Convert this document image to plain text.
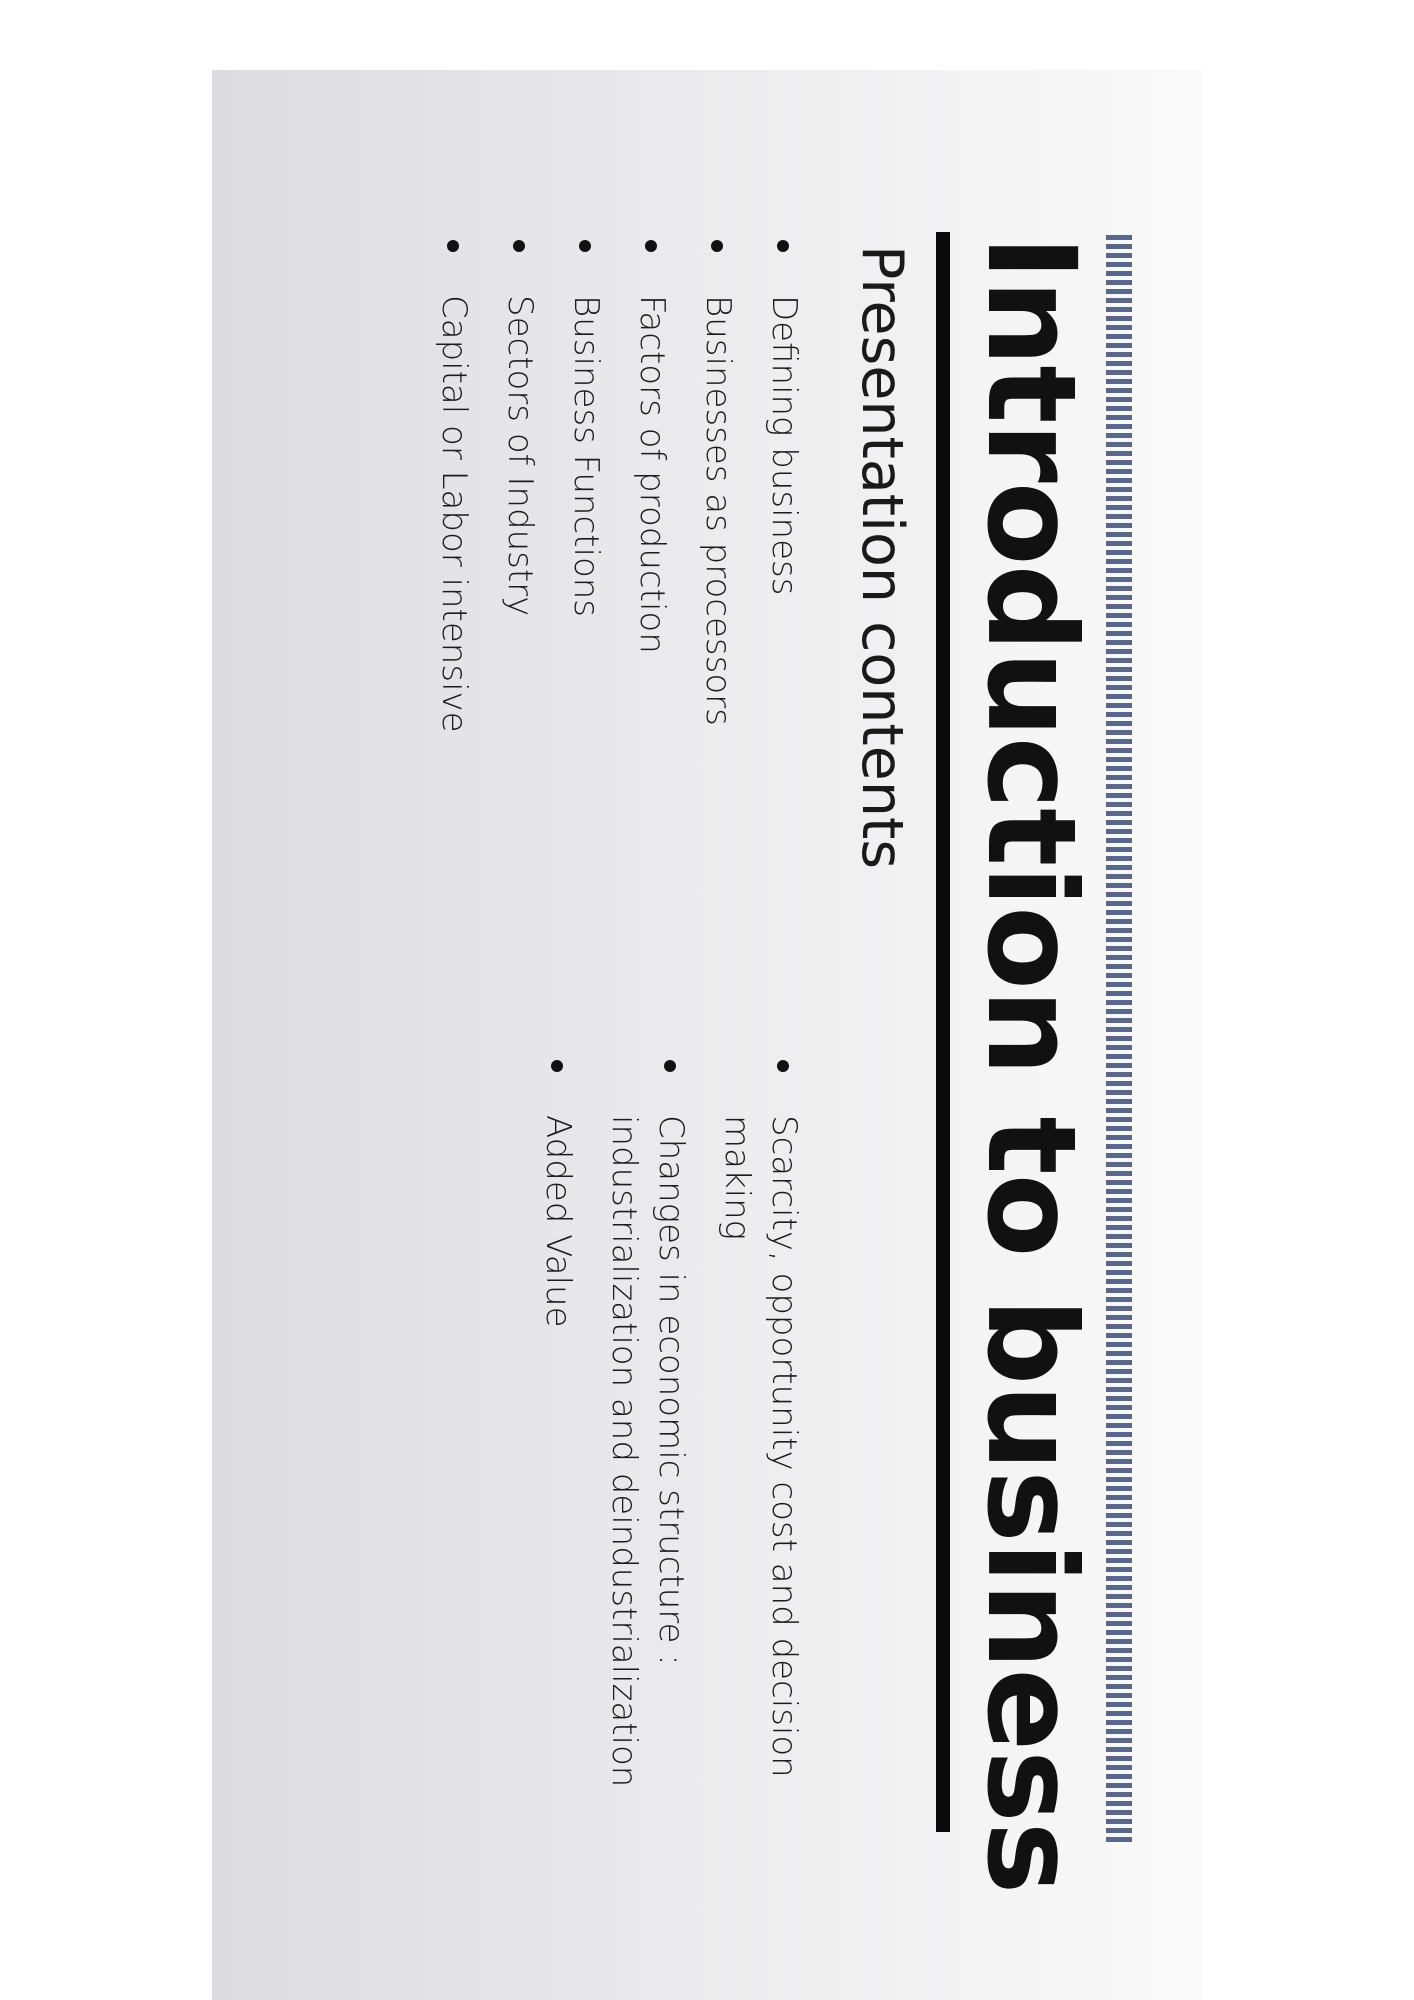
Introduction to business
Presentation contents
Defining business
Businesses as processors
Factors of production
Business Functions
Sectors of Industry
Capital or Labor intensive
Scarcity, opportunity cost and decision making
Changes in economic structure : industrialization and deindustrialization
Added Value
